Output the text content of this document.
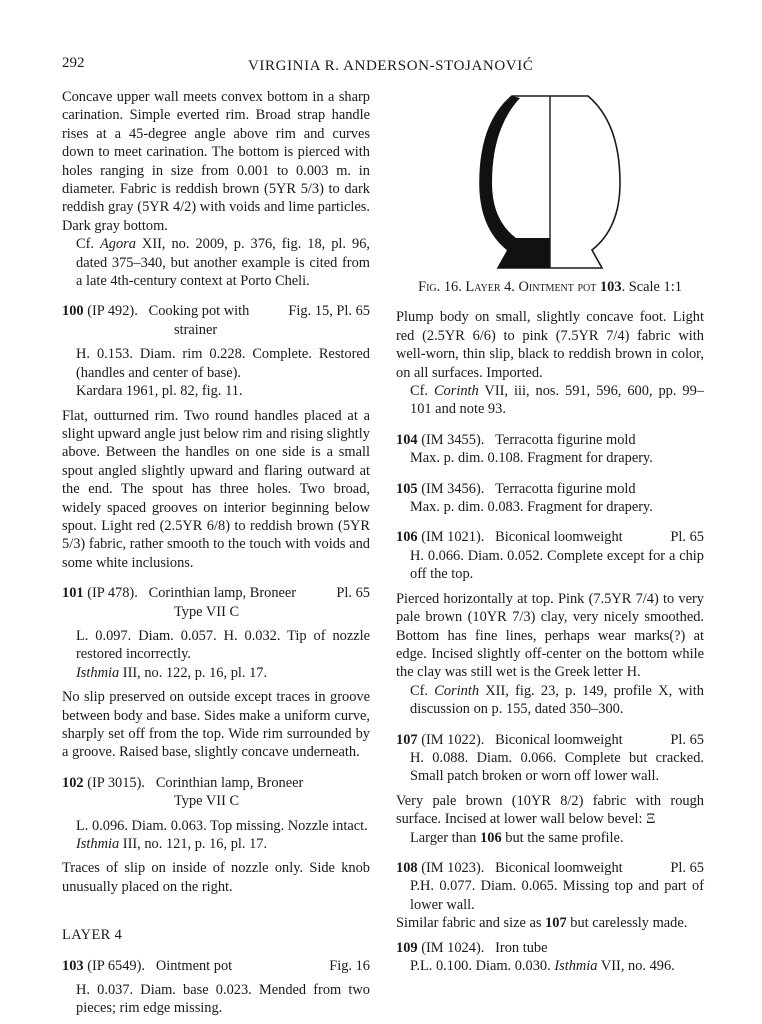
292	VIRGINIA R. ANDERSON-STOJANOVIĆ

Concave upper wall meets convex bottom in a sharp carination. Simple everted rim. Broad strap handle rises at a 45-degree angle above rim and curves down to meet carination. The bottom is pierced with holes ranging in size from 0.001 to 0.003 m. in diameter. Fabric is reddish brown (5YR 5/3) to dark reddish gray (5YR 4/2) with voids and lime particles. Dark gray bottom.

Cf. Agora XII, no. 2009, p. 376, fig. 18, pl. 96, dated 375–340, but another example is cited from a late 4th-century context at Porto Cheli.

100 (IP 492). Cooking pot with	Fig. 15, Pl. 65

strainer

H. 0.153. Diam. rim 0.228. Complete. Restored (handles and center of base).

Kardara 1961, pl. 82, fig. 11.

Flat, outturned rim. Two round handles placed at a slight upward angle just below rim and rising slightly above. Between the handles on one side is a small spout angled slightly upward and flaring outward at the end. The spout has three holes. Two broad, widely spaced grooves on interior beginning below spout. Light red (2.5YR 6/8) to reddish brown (5YR 5/3) fabric, rather smooth to the touch with voids and some white inclusions.

101 (IP 478). Corinthian lamp, Broneer	Pl. 65

Type VII C

L. 0.097. Diam. 0.057. H. 0.032. Tip of nozzle restored incorrectly.

Isthmia III, no. 122, p. 16, pl. 17.

No slip preserved on outside except traces in groove between body and base. Sides make a uniform curve, sharply set off from the top. Wide rim surrounded by a groove. Raised base, slightly concave underneath.

102 (IP 3015). Corinthian lamp, Broneer

Type VII C

L. 0.096. Diam. 0.063. Top missing. Nozzle intact.

Isthmia III, no. 121, p. 16, pl. 17.

Traces of slip on inside of nozzle only. Side knob unusually placed on the right.

LAYER 4

103 (IP 6549). Ointment pot	Fig. 16

H. 0.037. Diam. base 0.023. Mended from two pieces; rim edge missing.

Fig. 16. Layer 4. Ointment pot 103. Scale 1:1

Plump body on small, slightly concave foot. Light red (2.5YR 6/6) to pink (7.5YR 7/4) fabric with well-worn, thin slip, black to reddish brown in color, on all surfaces. Imported.

Cf. Corinth VII, iii, nos. 591, 596, 600, pp. 99–101 and note 93.

104 (IM 3455). Terracotta figurine mold

Max. p. dim. 0.108. Fragment for drapery.

105 (IM 3456). Terracotta figurine mold

Max. p. dim. 0.083. Fragment for drapery.

106 (IM 1021). Biconical loomweight	Pl. 65

H. 0.066. Diam. 0.052. Complete except for a chip off the top.

Pierced horizontally at top. Pink (7.5YR 7/4) to very pale brown (10YR 7/3) clay, very nicely smoothed. Bottom has fine lines, perhaps wear marks(?) at edge. Incised slightly off-center on the bottom while the clay was still wet is the Greek letter H.

Cf. Corinth XII, fig. 23, p. 149, profile X, with discussion on p. 155, dated 350–300.

107 (IM 1022). Biconical loomweight	Pl. 65

H. 0.088. Diam. 0.066. Complete but cracked. Small patch broken or worn off lower wall.

Very pale brown (10YR 8/2) fabric with rough surface. Incised at lower wall below bevel: Ξ

Larger than 106 but the same profile.

108 (IM 1023). Biconical loomweight	Pl. 65

P.H. 0.077. Diam. 0.065. Missing top and part of lower wall.

Similar fabric and size as 107 but carelessly made.

109 (IM 1024). Iron tube

P.L. 0.100. Diam. 0.030. Isthmia VII, no. 496.
